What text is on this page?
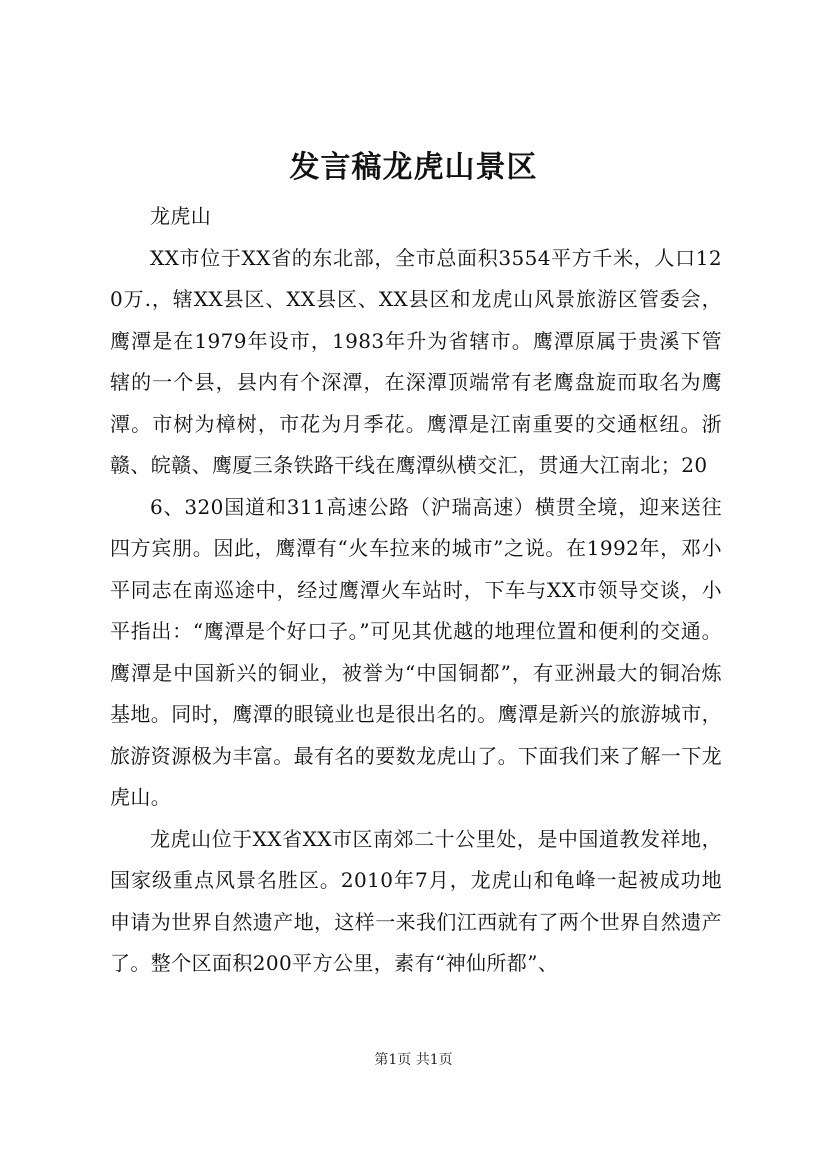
发言稿龙虎山景区

龙虎山

XX市位于XX省的东北部，全市总面积3554平方千米，人口120万.，辖XX县区、XX县区、XX县区和龙虎山风景旅游区管委会，鹰潭是在1979年设市，1983年升为省辖市。鹰潭原属于贵溪下管辖的一个县，县内有个深潭，在深潭顶端常有老鹰盘旋而取名为鹰潭。市树为樟树，市花为月季花。鹰潭是江南重要的交通枢纽。浙赣、皖赣、鹰厦三条铁路干线在鹰潭纵横交汇，贯通大江南北；20

6、320国道和311高速公路（沪瑞高速）横贯全境，迎来送往四方宾朋。因此，鹰潭有“火车拉来的城市”之说。在1992年，邓小平同志在南巡途中，经过鹰潭火车站时，下车与XX市领导交谈，小平指出：“鹰潭是个好口子。”可见其优越的地理位置和便利的交通。鹰潭是中国新兴的铜业，被誉为“中国铜都”，有亚洲最大的铜冶炼基地。同时，鹰潭的眼镜业也是很出名的。鹰潭是新兴的旅游城市，旅游资源极为丰富。最有名的要数龙虎山了。下面我们来了解一下龙虎山。

龙虎山位于XX省XX市区南郊二十公里处，是中国道教发祥地，国家级重点风景名胜区。2010年7月，龙虎山和龟峰一起被成功地申请为世界自然遗产地，这样一来我们江西就有了两个世界自然遗产了。整个区面积200平方公里，素有“神仙所都”、

第1页 共1页
